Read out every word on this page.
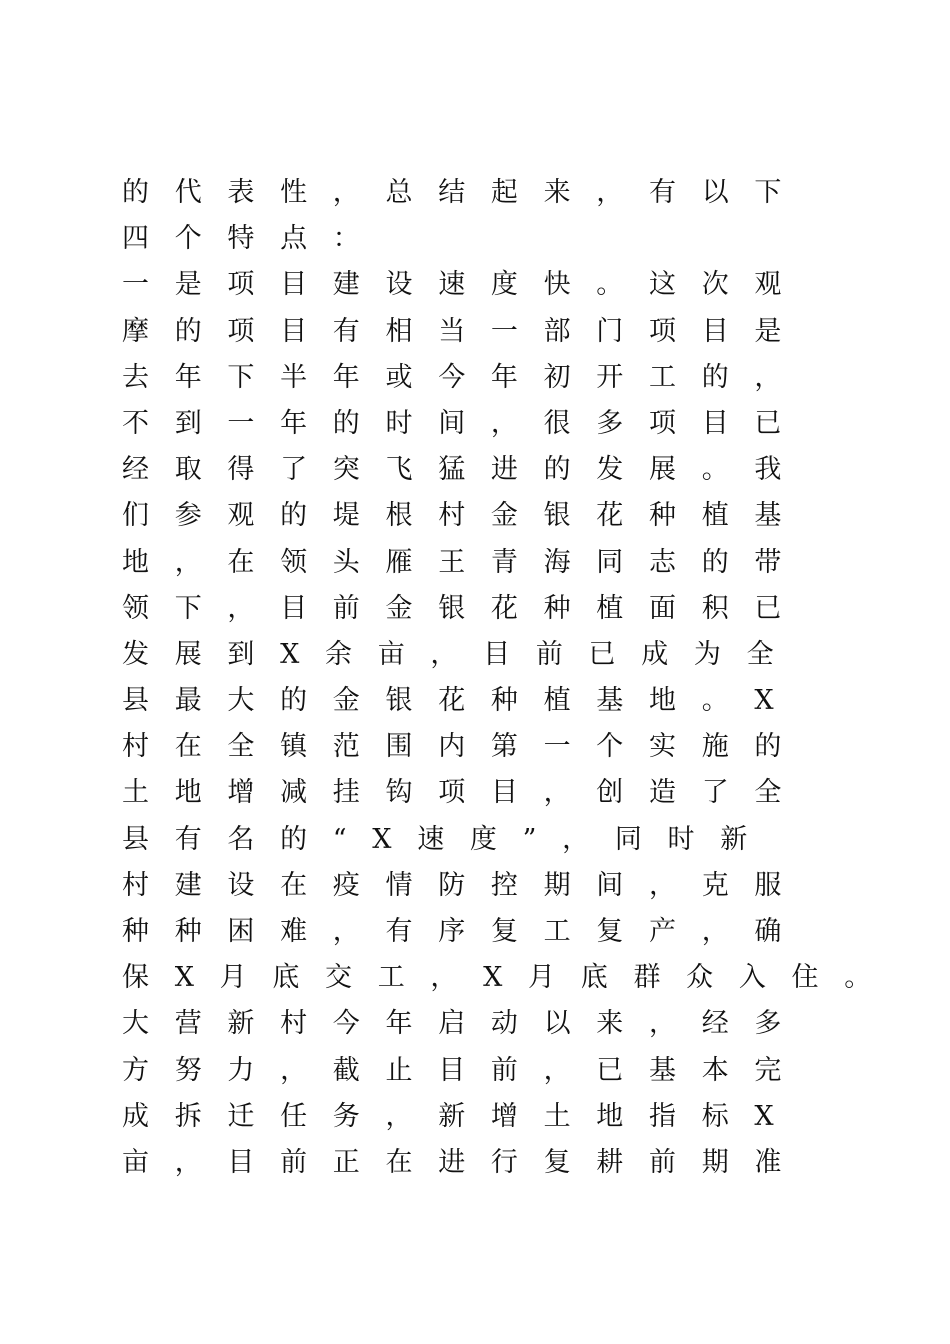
的代表性，总结起来，有以下
四个特点：
一是项目建设速度快。这次观
摩的项目有相当一部门项目是
去年下半年或今年初开工的，
不到一年的时间，很多项目已
经取得了突飞猛进的发展。我
们参观的堤根村金银花种植基
地，在领头雁王青海同志的带
领下，目前金银花种植面积已
发展到X余亩，目前已成为全
县最大的金银花种植基地。X
村在全镇范围内第一个实施的
土地增减挂钩项目，创造了全
县有名的“X速度”，同时新
村建设在疫情防控期间，克服
种种困难，有序复工复产，确
保X月底交工，X月底群众入住。
大营新村今年启动以来，经多
方努力，截止目前，已基本完
成拆迁任务，新增土地指标X
亩，目前正在进行复耕前期准
